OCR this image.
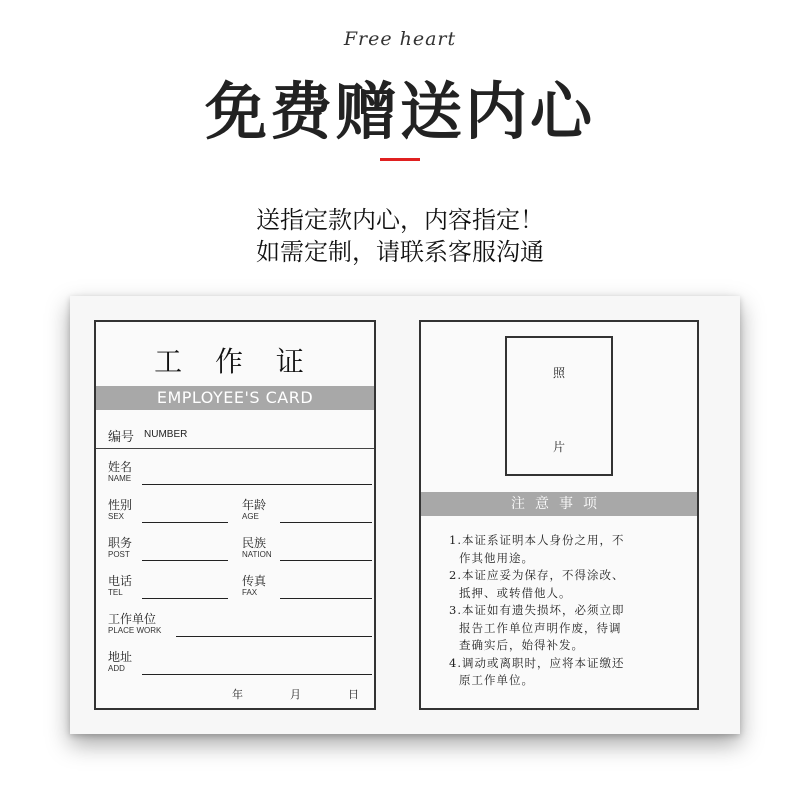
Free heart
免费赠送内心
送指定款内心，内容指定！
如需定制，请联系客服沟通
工 作 证
EMPLOYEE'S CARD
编号 NUMBER
姓名
NAME
性别
SEX
年龄
AGE
职务
POST
民族
NATION
电话
TEL
传真
FAX
工作单位
PLACE WORK
地址
ADD
年	月	日
照
片
注意事项
1.本证系证明本人身份之用，不
作其他用途。
2.本证应妥为保存，不得涂改、
抵押、或转借他人。
3.本证如有遗失损坏，必须立即
报告工作单位声明作废，待调
查确实后，始得补发。
4.调动或离职时，应将本证缴还
原工作单位。
